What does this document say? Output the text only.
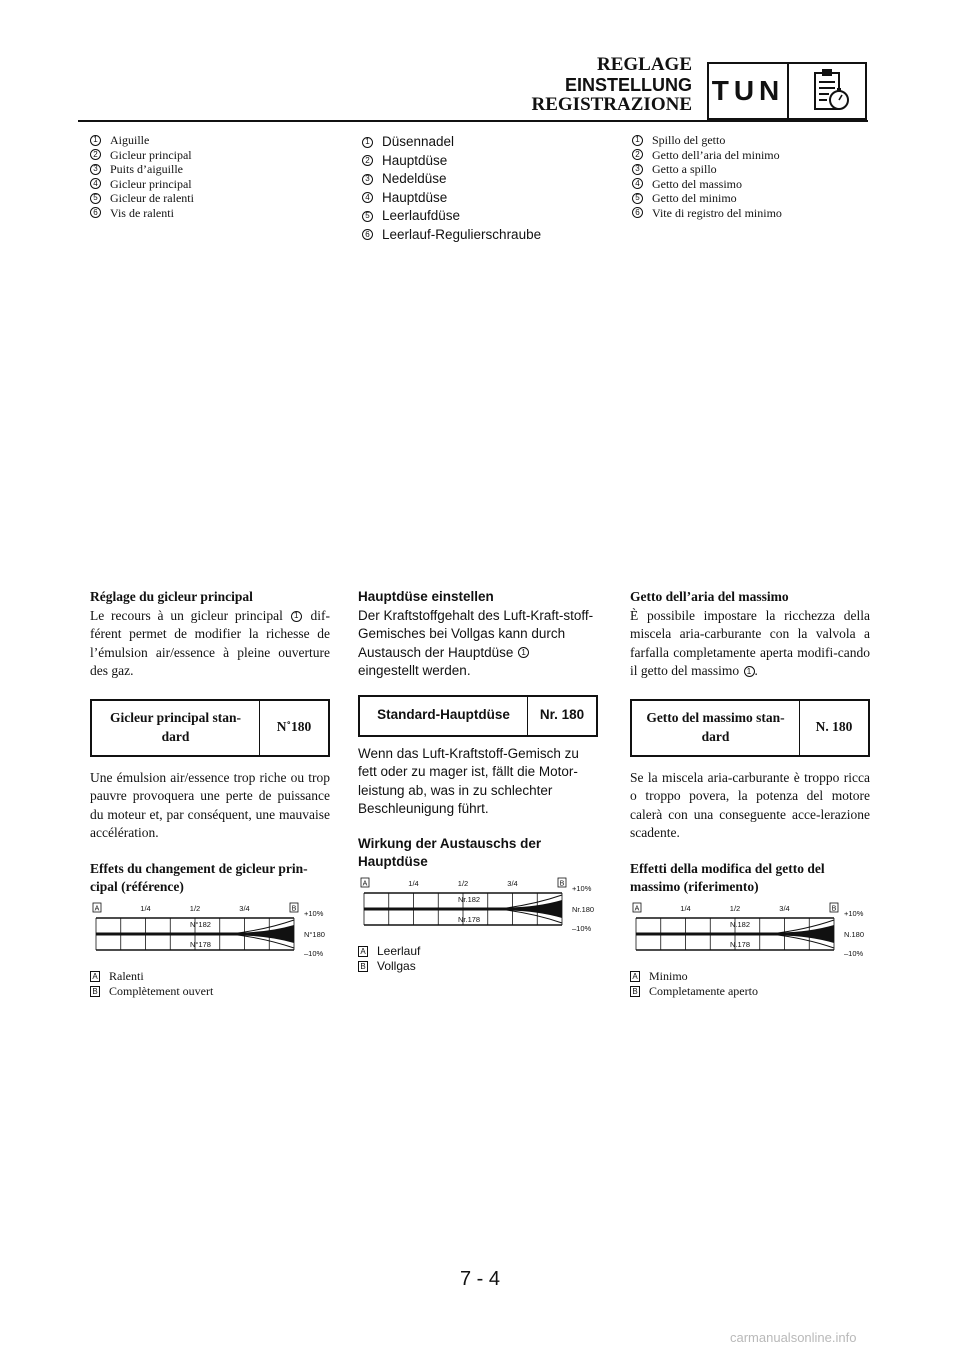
REGLAGE
EINSTELLUNG
REGISTRAZIONE TUN
1 Aiguille
2 Gicleur principal
3 Puits d’aiguille
4 Gicleur principal
5 Gicleur de ralenti
6 Vis de ralenti
1 Düsennadel
2 Hauptdüse
3 Nedeldüse
4 Hauptdüse
5 Leerlaufdüse
6 Leerlauf-Regulierschraube
1 Spillo del getto
2 Getto dell’aria del minimo
3 Getto a spillo
4 Getto del massimo
5 Getto del minimo
6 Vite di registro del minimo
Réglage du gicleur principal

Le recours à un gicleur principal 1 dif-férent permet de modifier la richesse de l’émulsion air/essence à pleine ouverture des gaz.

Gicleur principal stan-dard
N˚180

Une émulsion air/essence trop riche ou trop pauvre provoquera une perte de puissance du moteur et, par conséquent, une mauvaise accélération.

Effets du changement de gicleur prin-cipal (référence)
A	B
1/4	1/2	3/4
N°182
N°178
+10%
N°180
–10%
A Ralenti
B Complètement ouvert
Hauptdüse einstellen

Der Kraftstoffgehalt des Luft-Kraft-stoff-Gemisches bei Vollgas kann durch Austausch der Hauptdüse 1
eingestellt werden.

Standard-Hauptdüse	Nr. 180

Wenn das Luft-Kraftstoff-Gemisch zu fett oder zu mager ist, fällt die Motor-leistung ab, was in zu schlechter Beschleunigung führt.

Wirkung der Austauschs der Hauptdüse
A	B
1/4	1/2	3/4
Nr.182
Nr.178
+10%
Nr.180
–10%
A Leerlauf
B Vollgas
Getto dell’aria del massimo

È possibile impostare la ricchezza della miscela aria-carburante con la valvola a farfalla completamente aperta modifi-cando il getto del massimo 1 .

Getto del massimo stan-dard
N. 180

Se la miscela aria-carburante è troppo ricca o troppo povera, la potenza del motore calerà con una conseguente acce-lerazione scadente.

Effetti della modifica del getto del massimo (riferimento)
A	B
1/4	1/2	3/4
N.182
N.178
+10%
N.180
–10%
A Minimo
B Completamente aperto
7 - 4
carmanualsonline.info
